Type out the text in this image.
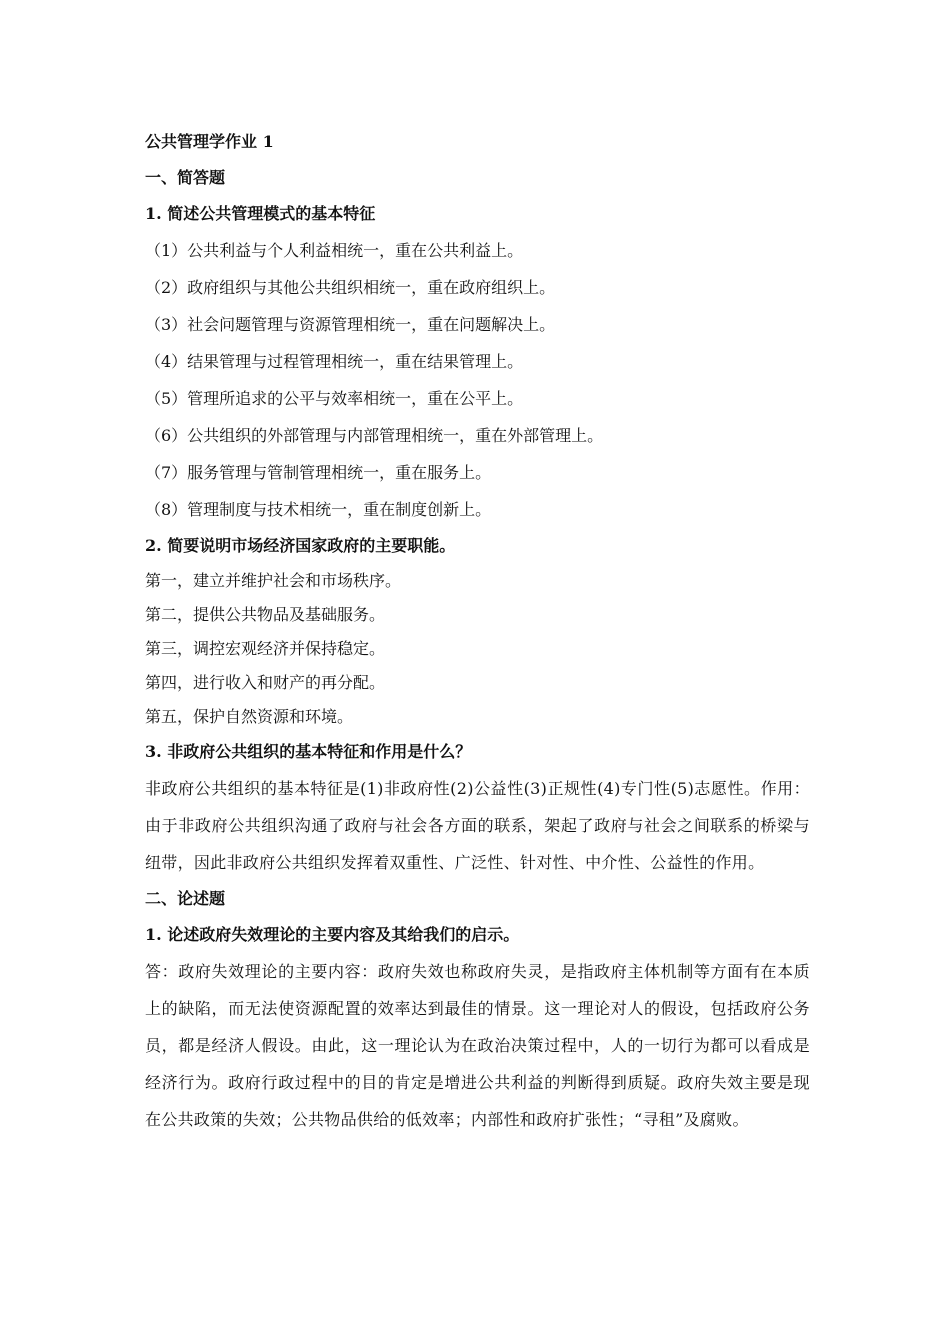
公共管理学作业 1

一、简答题

1. 简述公共管理模式的基本特征

（1）公共利益与个人利益相统一，重在公共利益上。

（2）政府组织与其他公共组织相统一，重在政府组织上。

（3）社会问题管理与资源管理相统一，重在问题解决上。

（4）结果管理与过程管理相统一，重在结果管理上。

（5）管理所追求的公平与效率相统一，重在公平上。

（6）公共组织的外部管理与内部管理相统一，重在外部管理上。

（7）服务管理与管制管理相统一，重在服务上。

（8）管理制度与技术相统一，重在制度创新上。

2. 简要说明市场经济国家政府的主要职能。

第一，建立并维护社会和市场秩序。

第二，提供公共物品及基础服务。

第三，调控宏观经济并保持稳定。

第四，进行收入和财产的再分配。

第五，保护自然资源和环境。

3. 非政府公共组织的基本特征和作用是什么？

非政府公共组织的基本特征是(1)非政府性(2)公益性(3)正规性(4)专门性(5)志愿性。作用：由于非政府公共组织沟通了政府与社会各方面的联系，架起了政府与社会之间联系的桥梁与纽带，因此非政府公共组织发挥着双重性、广泛性、针对性、中介性、公益性的作用。

二、论述题

1. 论述政府失效理论的主要内容及其给我们的启示。

答：政府失效理论的主要内容：政府失效也称政府失灵，是指政府主体机制等方面有在本质上的缺陷，而无法使资源配置的效率达到最佳的情景。这一理论对人的假设，包括政府公务员，都是经济人假设。由此，这一理论认为在政治决策过程中，人的一切行为都可以看成是经济行为。政府行政过程中的目的肯定是增进公共利益的判断得到质疑。政府失效主要是现在公共政策的失效；公共物品供给的低效率；内部性和政府扩张性；“寻租”及腐败。
